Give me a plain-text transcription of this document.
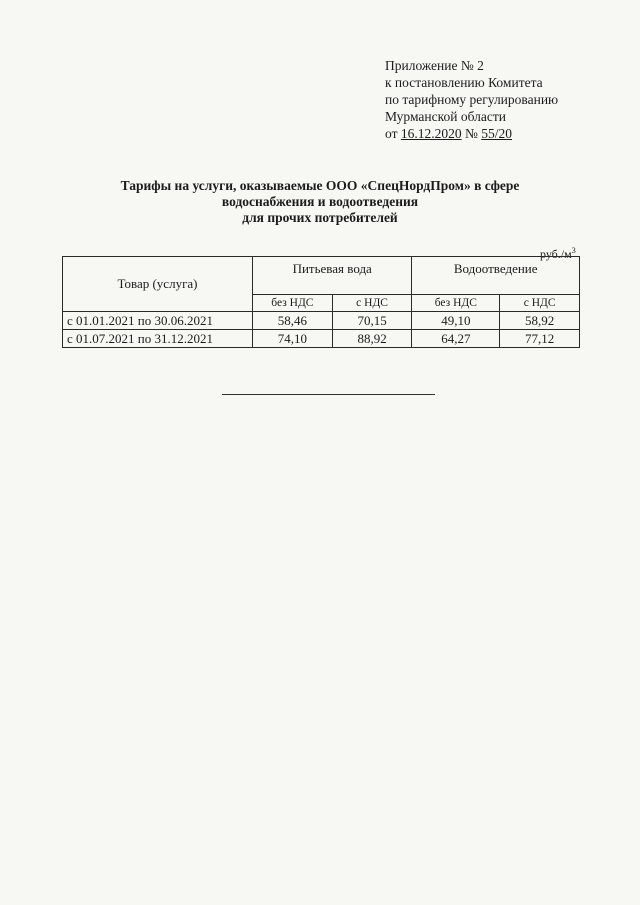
Приложение № 2
к постановлению Комитета
по тарифному регулированию
Мурманской области
от 16.12.2020 № 55/20
Тарифы на услуги, оказываемые ООО «СпецНордПром» в сфере
водоснабжения и водоотведения
для прочих потребителей
$руб./м^3$
Товар (услуга)	Питьевая вода		Водоотведение	
	без НДС	с НДС	без НДС	с НДС
с 01.01.2021 по 30.06.2021	58,46	70,15	49,10	58,92
с 01.07.2021 по 31.12.2021	74,10	88,92	64,27	77,12
